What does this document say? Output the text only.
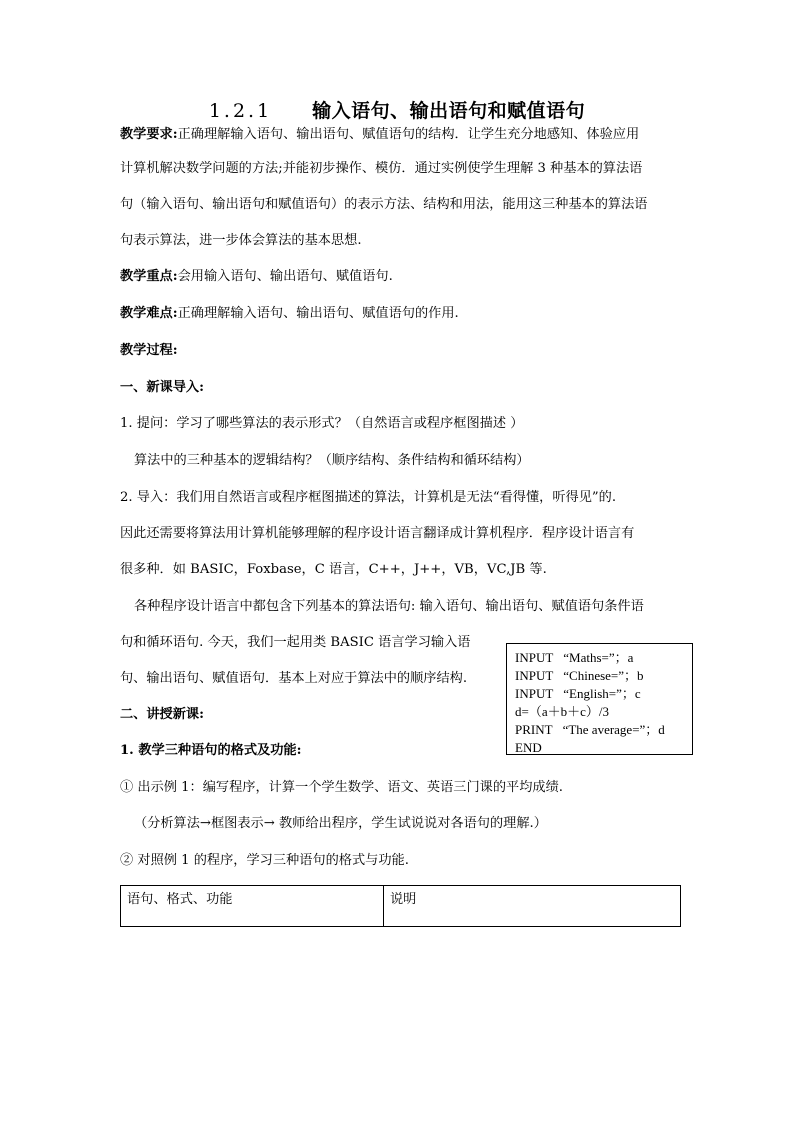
1.2.1 输入语句、输出语句和赋值语句
教学要求:正确理解输入语句、输出语句、赋值语句的结构．让学生充分地感知、体验应用
计算机解决数学问题的方法;并能初步操作、模仿．通过实例使学生理解 3 种基本的算法语
句（输入语句、输出语句和赋值语句）的表示方法、结构和用法，能用这三种基本的算法语
句表示算法，进一步体会算法的基本思想.
教学重点:会用输入语句、输出语句、赋值语句.
教学难点:正确理解输入语句、输出语句、赋值语句的作用.
教学过程:
一、新课导入:
1. 提问：学习了哪些算法的表示形式？（自然语言或程序框图描述 ）
算法中的三种基本的逻辑结构？（顺序结构、条件结构和循环结构）
2. 导入：我们用自然语言或程序框图描述的算法，计算机是无法“看得懂，听得见”的.
因此还需要将算法用计算机能够理解的程序设计语言翻译成计算机程序．程序设计语言有
很多种．如 BASIC，Foxbase，C 语言，C++，J++，VB，VC,JB 等.
各种程序设计语言中都包含下列基本的算法语句: 输入语句、输出语句、赋值语句条件语
句和循环语句. 今天，我们一起用类 BASIC 语言学习输入语
句、输出语句、赋值语句．基本上对应于算法中的顺序结构.
INPUT “Maths=”；a
INPUT “Chinese=”；b
INPUT “English=”；c
d=（a＋b＋c）/3
PRINT “The average=”；d
END
二、讲授新课:
1. 教学三种语句的格式及功能:
① 出示例 1：编写程序，计算一个学生数学、语文、英语三门课的平均成绩.
（分析算法→框图表示→ 教师给出程序，学生试说说对各语句的理解.）
② 对照例 1 的程序，学习三种语句的格式与功能.
语句、格式、功能	说明
